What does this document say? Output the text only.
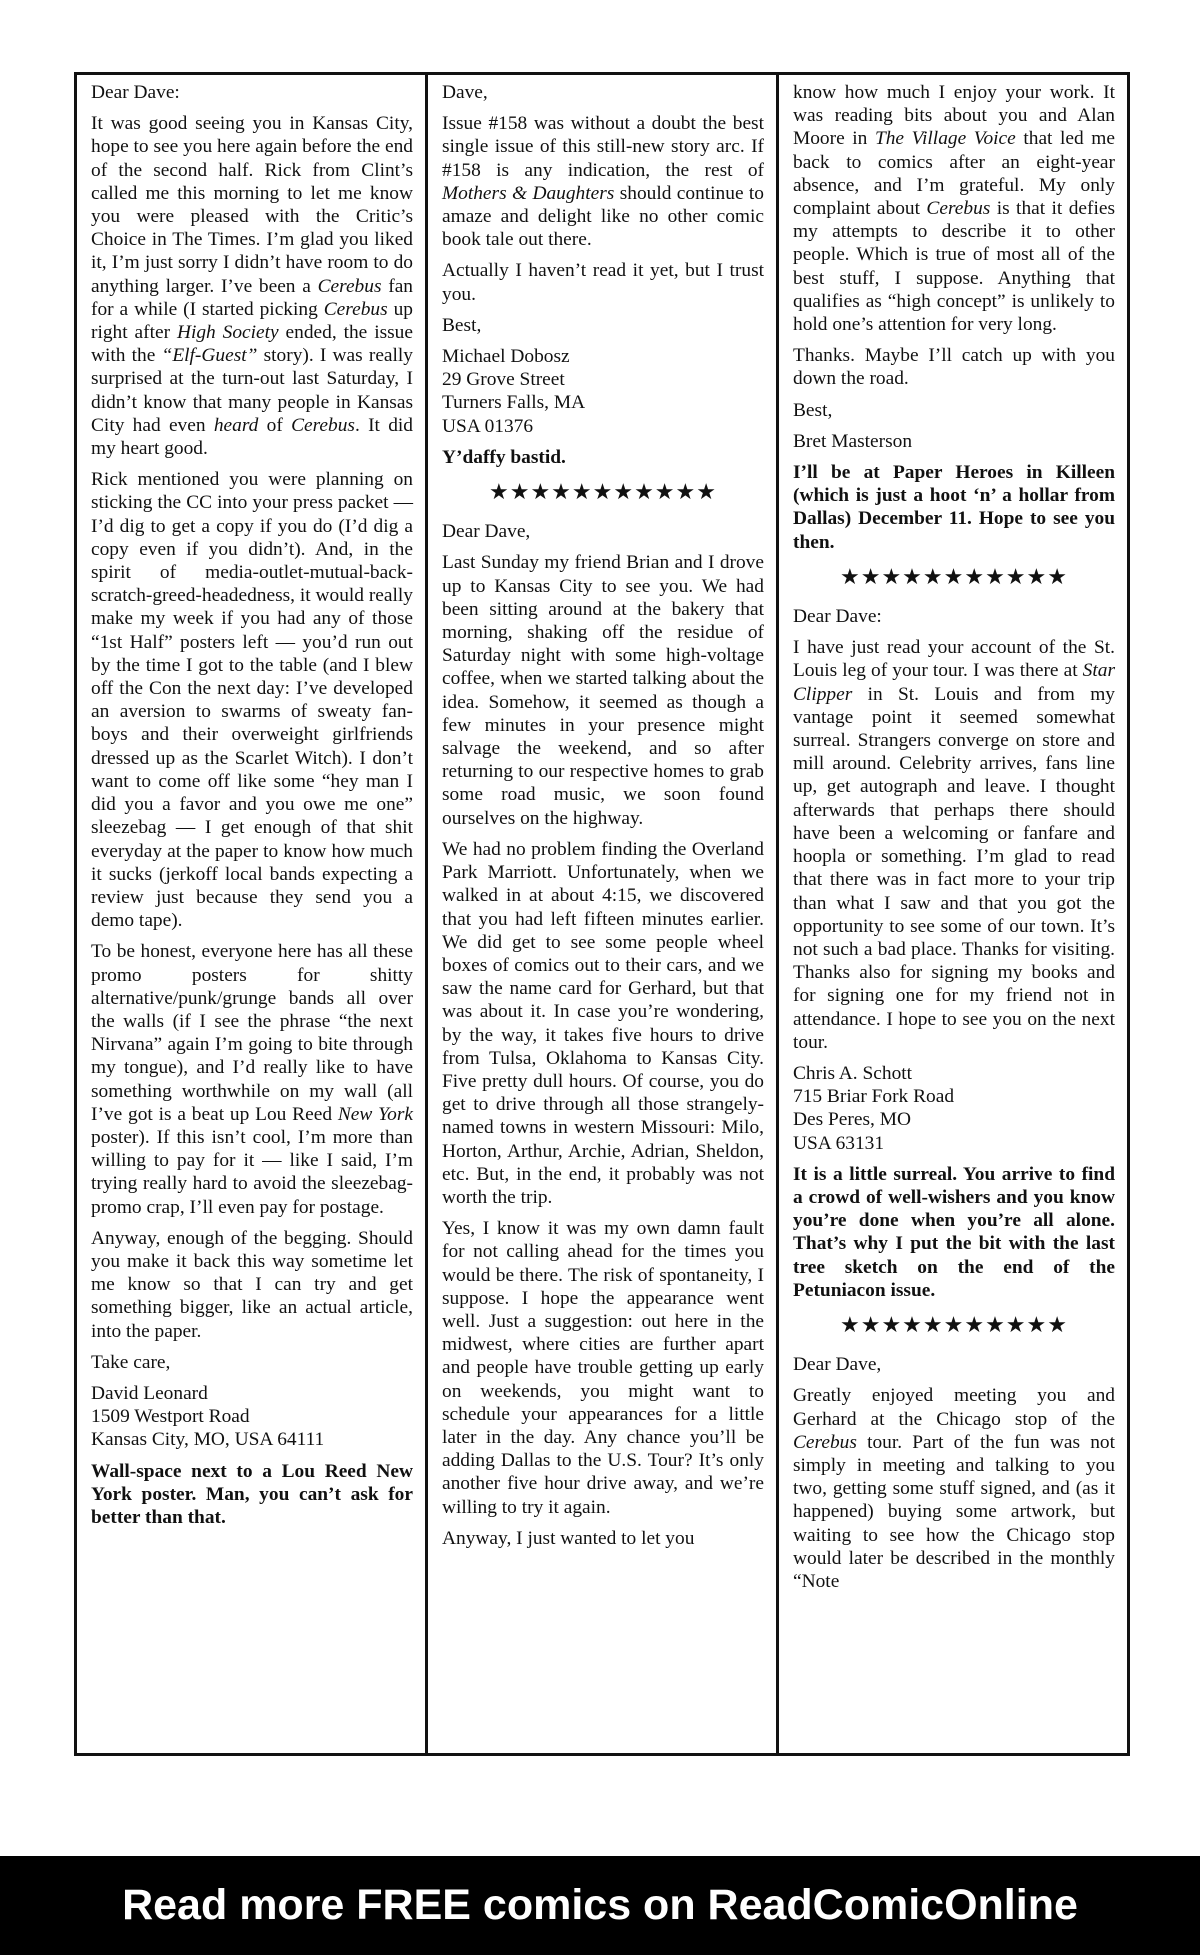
Dear Dave:

It was good seeing you in Kansas City, hope to see you here again before the end of the second half. Rick from Clint’s called me this morning to let me know you were pleased with the Critic’s Choice in The Times. I’m glad you liked it, I’m just sorry I didn’t have room to do anything larger. I’ve been a Cerebus fan for a while (I started picking Cerebus up right after High Society ended, the issue with the “Elf-Guest” story). I was really surprised at the turn-out last Saturday, I didn’t know that many people in Kansas City had even heard of Cerebus. It did my heart good.

Rick mentioned you were planning on sticking the CC into your press packet — I’d dig to get a copy if you do (I’d dig a copy even if you didn’t). And, in the spirit of media-outlet-mutual-back-scratch-greed-headedness, it would really make my week if you had any of those “1st Half” posters left — you’d run out by the time I got to the table (and I blew off the Con the next day: I’ve developed an aversion to swarms of sweaty fan-boys and their overweight girlfriends dressed up as the Scarlet Witch). I don’t want to come off like some “hey man I did you a favor and you owe me one” sleezebag — I get enough of that shit everyday at the paper to know how much it sucks (jerkoff local bands expecting a review just because they send you a demo tape).

To be honest, everyone here has all these promo posters for shitty alternative/punk/grunge bands all over the walls (if I see the phrase “the next Nirvana” again I’m going to bite through my tongue), and I’d really like to have something worthwhile on my wall (all I’ve got is a beat up Lou Reed New York poster). If this isn’t cool, I’m more than willing to pay for it — like I said, I’m trying really hard to avoid the sleezebag-promo crap, I’ll even pay for postage.

Anyway, enough of the begging. Should you make it back this way sometime let me know so that I can try and get something bigger, like an actual article, into the paper.

Take care,

David Leonard
1509 Westport Road
Kansas City, MO, USA 64111

Wall-space next to a Lou Reed New York poster. Man, you can’t ask for better than that.

Dave,

Issue #158 was without a doubt the best single issue of this still-new story arc. If #158 is any indication, the rest of Mothers & Daughters should continue to amaze and delight like no other comic book tale out there.

Actually I haven’t read it yet, but I trust you.

Best,

Michael Dobosz
29 Grove Street
Turners Falls, MA
USA 01376

Y’daffy bastid.

★★★★★★★★★★★

Dear Dave,

Last Sunday my friend Brian and I drove up to Kansas City to see you. We had been sitting around at the bakery that morning, shaking off the residue of Saturday night with some high-voltage coffee, when we started talking about the idea. Somehow, it seemed as though a few minutes in your presence might salvage the weekend, and so after returning to our respective homes to grab some road music, we soon found ourselves on the highway.

We had no problem finding the Overland Park Marriott. Unfortunately, when we walked in at about 4:15, we discovered that you had left fifteen minutes earlier. We did get to see some people wheel boxes of comics out to their cars, and we saw the name card for Gerhard, but that was about it. In case you’re wondering, by the way, it takes five hours to drive from Tulsa, Oklahoma to Kansas City. Five pretty dull hours. Of course, you do get to drive through all those strangely-named towns in western Missouri: Milo, Horton, Arthur, Archie, Adrian, Sheldon, etc. But, in the end, it probably was not worth the trip.

Yes, I know it was my own damn fault for not calling ahead for the times you would be there. The risk of spontaneity, I suppose. I hope the appearance went well. Just a suggestion: out here in the midwest, where cities are further apart and people have trouble getting up early on weekends, you might want to schedule your appearances for a little later in the day. Any chance you’ll be adding Dallas to the U.S. Tour? It’s only another five hour drive away, and we’re willing to try it again.

Anyway, I just wanted to let you

know how much I enjoy your work. It was reading bits about you and Alan Moore in The Village Voice that led me back to comics after an eight-year absence, and I’m grateful. My only complaint about Cerebus is that it defies my attempts to describe it to other people. Which is true of most all of the best stuff, I suppose. Anything that qualifies as “high concept” is unlikely to hold one’s attention for very long.

Thanks. Maybe I’ll catch up with you down the road.

Best,

Bret Masterson

I’ll be at Paper Heroes in Killeen (which is just a hoot ‘n’ a hollar from Dallas) December 11. Hope to see you then.

★★★★★★★★★★★

Dear Dave:

I have just read your account of the St. Louis leg of your tour. I was there at Star Clipper in St. Louis and from my vantage point it seemed somewhat surreal. Strangers converge on store and mill around. Celebrity arrives, fans line up, get autograph and leave. I thought afterwards that perhaps there should have been a welcoming or fanfare and hoopla or something. I’m glad to read that there was in fact more to your trip than what I saw and that you got the opportunity to see some of our town. It’s not such a bad place. Thanks for visiting. Thanks also for signing my books and for signing one for my friend not in attendance. I hope to see you on the next tour.

Chris A. Schott
715 Briar Fork Road
Des Peres, MO
USA 63131

It is a little surreal. You arrive to find a crowd of well-wishers and you know you’re done when you’re all alone. That’s why I put the bit with the last tree sketch on the end of the Petuniacon issue.

★★★★★★★★★★★

Dear Dave,

Greatly enjoyed meeting you and Gerhard at the Chicago stop of the Cerebus tour. Part of the fun was not simply in meeting and talking to you two, getting some stuff signed, and (as it happened) buying some artwork, but waiting to see how the Chicago stop would later be described in the monthly “Note

Read more FREE comics on ReadComicOnline
